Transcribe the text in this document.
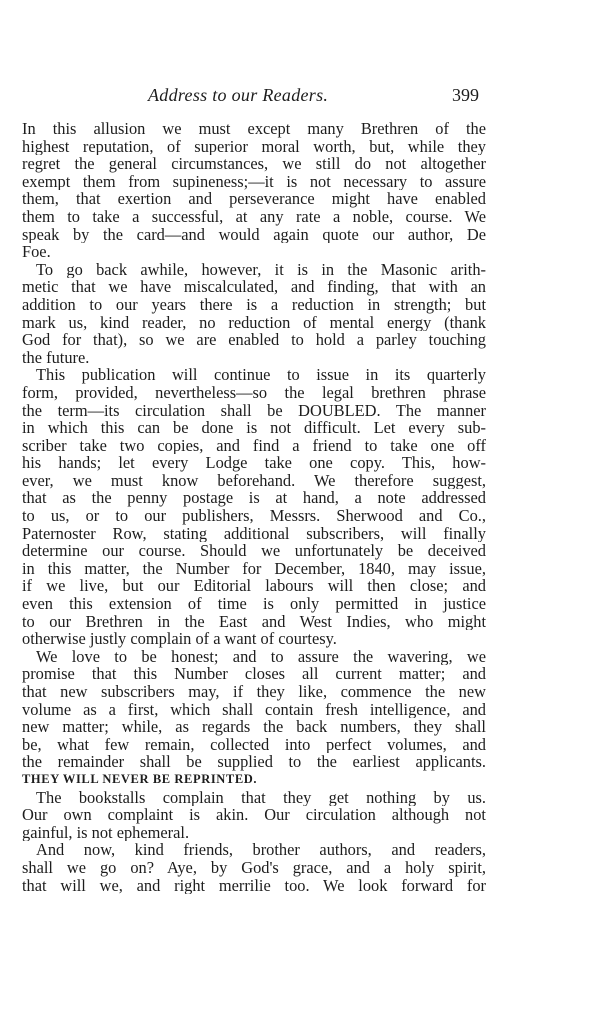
Address to our Readers.	399
In this allusion we must except many Brethren of the
highest reputation, of superior moral worth, but, while they
regret the general circumstances, we still do not altogether
exempt them from supineness;—it is not necessary to assure
them, that exertion and perseverance might have enabled
them to take a successful, at any rate a noble, course. We
speak by the card—and would again quote our author, De
Foe.
To go back awhile, however, it is in the Masonic arith-
metic that we have miscalculated, and finding, that with an
addition to our years there is a reduction in strength; but
mark us, kind reader, no reduction of mental energy (thank
God for that), so we are enabled to hold a parley touching
the future.
This publication will continue to issue in its quarterly
form, provided, nevertheless—so the legal brethren phrase
the term—its circulation shall be DOUBLED. The manner
in which this can be done is not difficult. Let every sub-
scriber take two copies, and find a friend to take one off
his hands; let every Lodge take one copy. This, how-
ever, we must know beforehand. We therefore suggest,
that as the penny postage is at hand, a note addressed
to us, or to our publishers, Messrs. Sherwood and Co.,
Paternoster Row, stating additional subscribers, will finally
determine our course. Should we unfortunately be deceived
in this matter, the Number for December, 1840, may issue,
if we live, but our Editorial labours will then close; and
even this extension of time is only permitted in justice
to our Brethren in the East and West Indies, who might
otherwise justly complain of a want of courtesy.
We love to be honest; and to assure the wavering, we
promise that this Number closes all current matter; and
that new subscribers may, if they like, commence the new
volume as a first, which shall contain fresh intelligence, and
new matter; while, as regards the back numbers, they shall
be, what few remain, collected into perfect volumes, and
the remainder shall be supplied to the earliest applicants.
THEY WILL NEVER BE REPRINTED.
The bookstalls complain that they get nothing by us.
Our own complaint is akin. Our circulation although not
gainful, is not ephemeral.
And now, kind friends, brother authors, and readers,
shall we go on? Aye, by God's grace, and a holy spirit,
that will we, and right merrilie too. We look forward for
